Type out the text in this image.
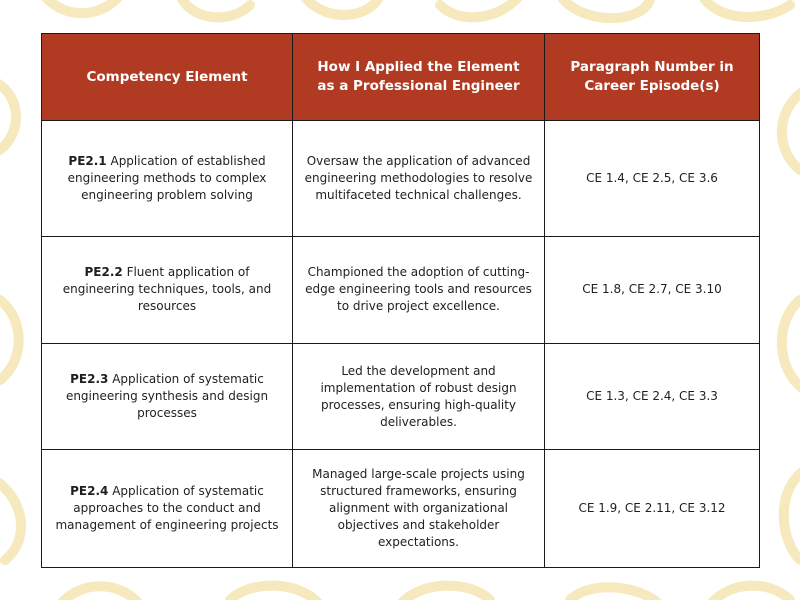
Competency Element	How I Applied the Element as a Professional Engineer	Paragraph Number in Career Episode(s)
PE2.1 Application of established engineering methods to complex engineering problem solving	Oversaw the application of advanced engineering methodologies to resolve multifaceted technical challenges.	CE 1.4, CE 2.5, CE 3.6
PE2.2 Fluent application of engineering techniques, tools, and resources	Championed the adoption of cutting-edge engineering tools and resources to drive project excellence.	CE 1.8, CE 2.7, CE 3.10
PE2.3 Application of systematic engineering synthesis and design processes	Led the development and implementation of robust design processes, ensuring high-quality deliverables.	CE 1.3, CE 2.4, CE 3.3
PE2.4 Application of systematic approaches to the conduct and management of engineering projects	Managed large-scale projects using structured frameworks, ensuring alignment with organizational objectives and stakeholder expectations.	CE 1.9, CE 2.11, CE 3.12
